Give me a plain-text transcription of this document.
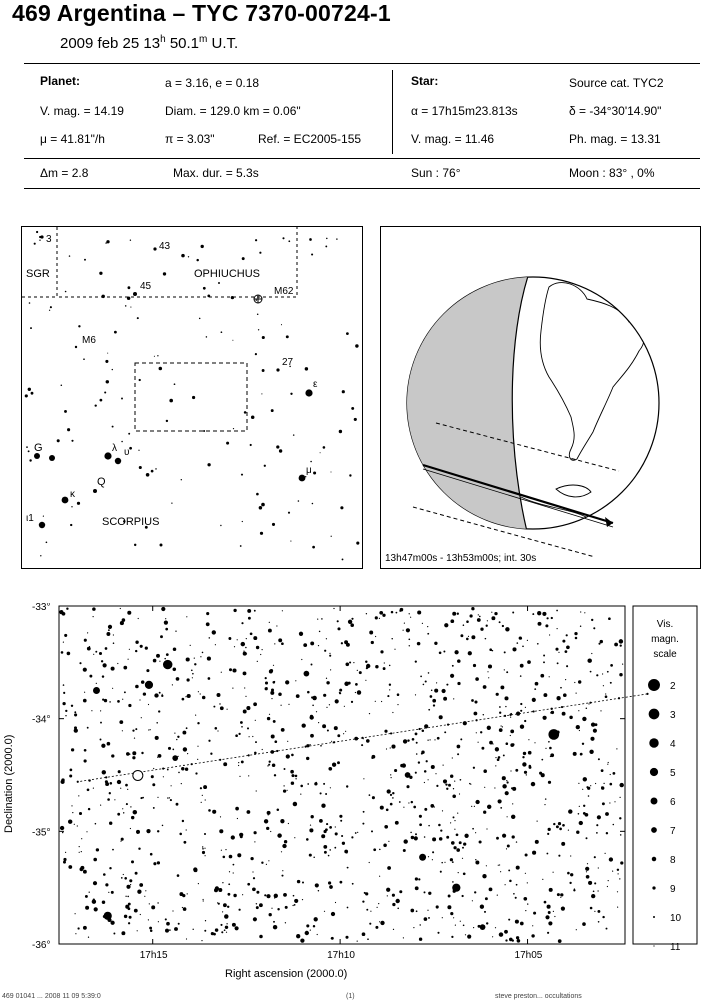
469 Argentina – TYC 7370-00724-1
2009 feb 25 13$^h$ 50.1$^m$ U.T.
Planet:	a = 3.16, e = 0.18
V. mag. = 14.19	Diam. = 129.0 km = 0.06"
μ = 41.81"/h	π = 3.03"	Ref. = EC2005-155
Star:	Source cat. TYC2
α = 17h15m23.813s	δ = -34°30'14.90"
V. mag. = 11.46	Ph. mag. = 13.31
Δm = 2.8	Max. dur. = 5.3s	Sun : 76°	Moon : 83° , 0%
SGR	OPHIUCHUS
SCORPIUS
M62
M6
3
43
45
27
G
Q
λ υ
κ
ι1
ε
μ
13h47m00s - 13h53m00s; int. 30s
17h15	17h10	17h05
-33°
-34°
-35°
-36°
Right ascension (2000.0)
Declination (2000.0)
Vis.
magn.
scale
2
3
4
5
6
7
8
9
10
11
469 01041 ... 2008 11 09 5:39:0	(1)	steve preston... occultations
